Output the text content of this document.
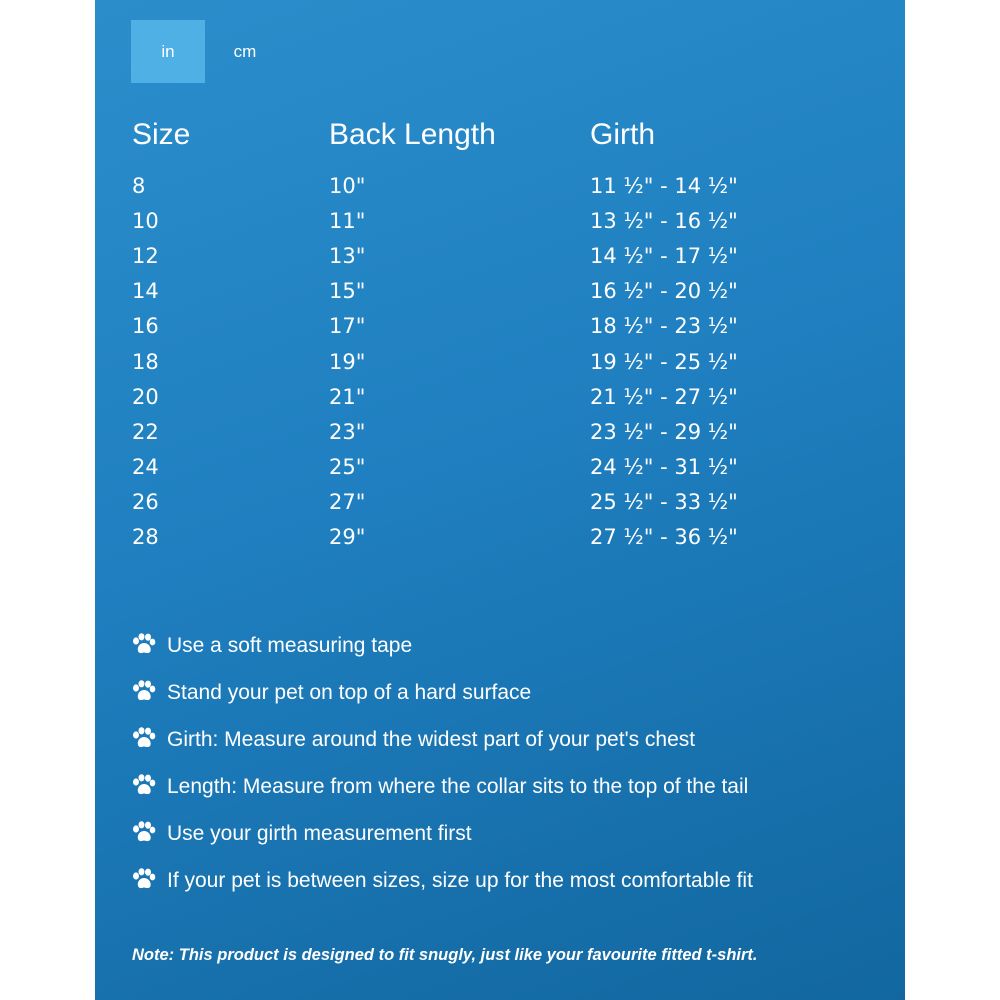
in	cm
Size	Back Length	Girth
8	10"	11 ½" - 14 ½"
10	11"	13 ½" - 16 ½"
12	13"	14 ½" - 17 ½"
14	15"	16 ½" - 20 ½"
16	17"	18 ½" - 23 ½"
18	19"	19 ½" - 25 ½"
20	21"	21 ½" - 27 ½"
22	23"	23 ½" - 29 ½"
24	25"	24 ½" - 31 ½"
26	27"	25 ½" - 33 ½"
28	29"	27 ½" - 36 ½"
Use a soft measuring tape
Stand your pet on top of a hard surface
Girth: Measure around the widest part of your pet's chest
Length: Measure from where the collar sits to the top of the tail
Use your girth measurement first
If your pet is between sizes, size up for the most comfortable fit
Note: This product is designed to fit snugly, just like your favourite fitted t-shirt.
